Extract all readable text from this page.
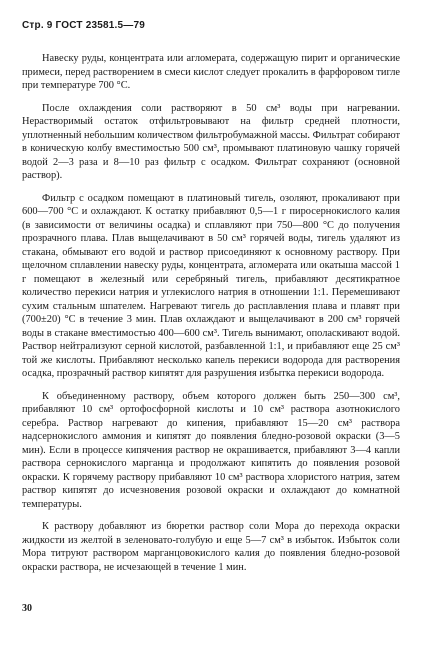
Стр. 9 ГОСТ 23581.5—79

Навеску руды, концентрата или агломерата, содержащую пирит и органические примеси, перед растворением в смеси кислот следует прокалить в фарфоровом тигле при температуре 700 °С.

После охлаждения соли растворяют в 50 см³ воды при нагревании. Нерастворимый остаток отфильтровывают на фильтр средней плотности, уплотненный небольшим количеством фильтробумажной массы. Фильтрат собирают в коническую колбу вместимостью 500 см³, промывают платиновую чашку горячей водой 2—3 раза и 8—10 раз фильтр с осадком. Фильтрат сохраняют (основной раствор).

Фильтр с осадком помещают в платиновый тигель, озоляют, прокаливают при 600—700 °С и охлаждают. К остатку прибавляют 0,5—1 г пиросернокислого калия (в зависимости от величины осадка) и сплавляют при 750—800 °С до получения прозрачного плава. Плав выщелачивают в 50 см³ горячей воды, тигель удаляют из стакана, обмывают его водой и раствор присоединяют к основному раствору. При щелочном сплавлении навеску руды, концентрата, агломерата или окатыша массой 1 г помещают в железный или серебряный тигель, прибавляют десятикратное количество перекиси натрия и углекислого натрия в отношении 1:1. Перемешивают сухим стальным шпателем. Нагревают тигель до расплавления плава и плавят при (700±20) °С в течение 3 мин. Плав охлаждают и выщелачивают в 200 см³ горячей воды в стакане вместимостью 400—600 см³. Тигель вынимают, ополаскивают водой. Раствор нейтрализуют серной кислотой, разбавленной 1:1, и прибавляют еще 25 см³ той же кислоты. Прибавляют несколько капель перекиси водорода для растворения осадка, прозрачный раствор кипятят для разрушения избытка перекиси водорода.

К объединенному раствору, объем которого должен быть 250—300 см³, прибавляют 10 см³ ортофосфорной кислоты и 10 см³ раствора азотнокислого серебра. Раствор нагревают до кипения, прибавляют 15—20 см³ раствора надсернокислого аммония и кипятят до появления бледно-розовой окраски (3—5 мин). Если в процессе кипячения раствор не окрашивается, прибавляют 3—4 капли раствора сернокислого марганца и продолжают кипятить до появления розовой окраски. К горячему раствору прибавляют 10 см³ раствора хлористого натрия, затем раствор кипятят до исчезновения розовой окраски и охлаждают до комнатной температуры.

К раствору добавляют из бюретки раствор соли Мора до перехода окраски жидкости из желтой в зеленовато-голубую и еще 5—7 см³ в избыток. Избыток соли Мора титруют раствором марганцовокислого калия до появления бледно-розовой окраски раствора, не исчезающей в течение 1 мин.

30
